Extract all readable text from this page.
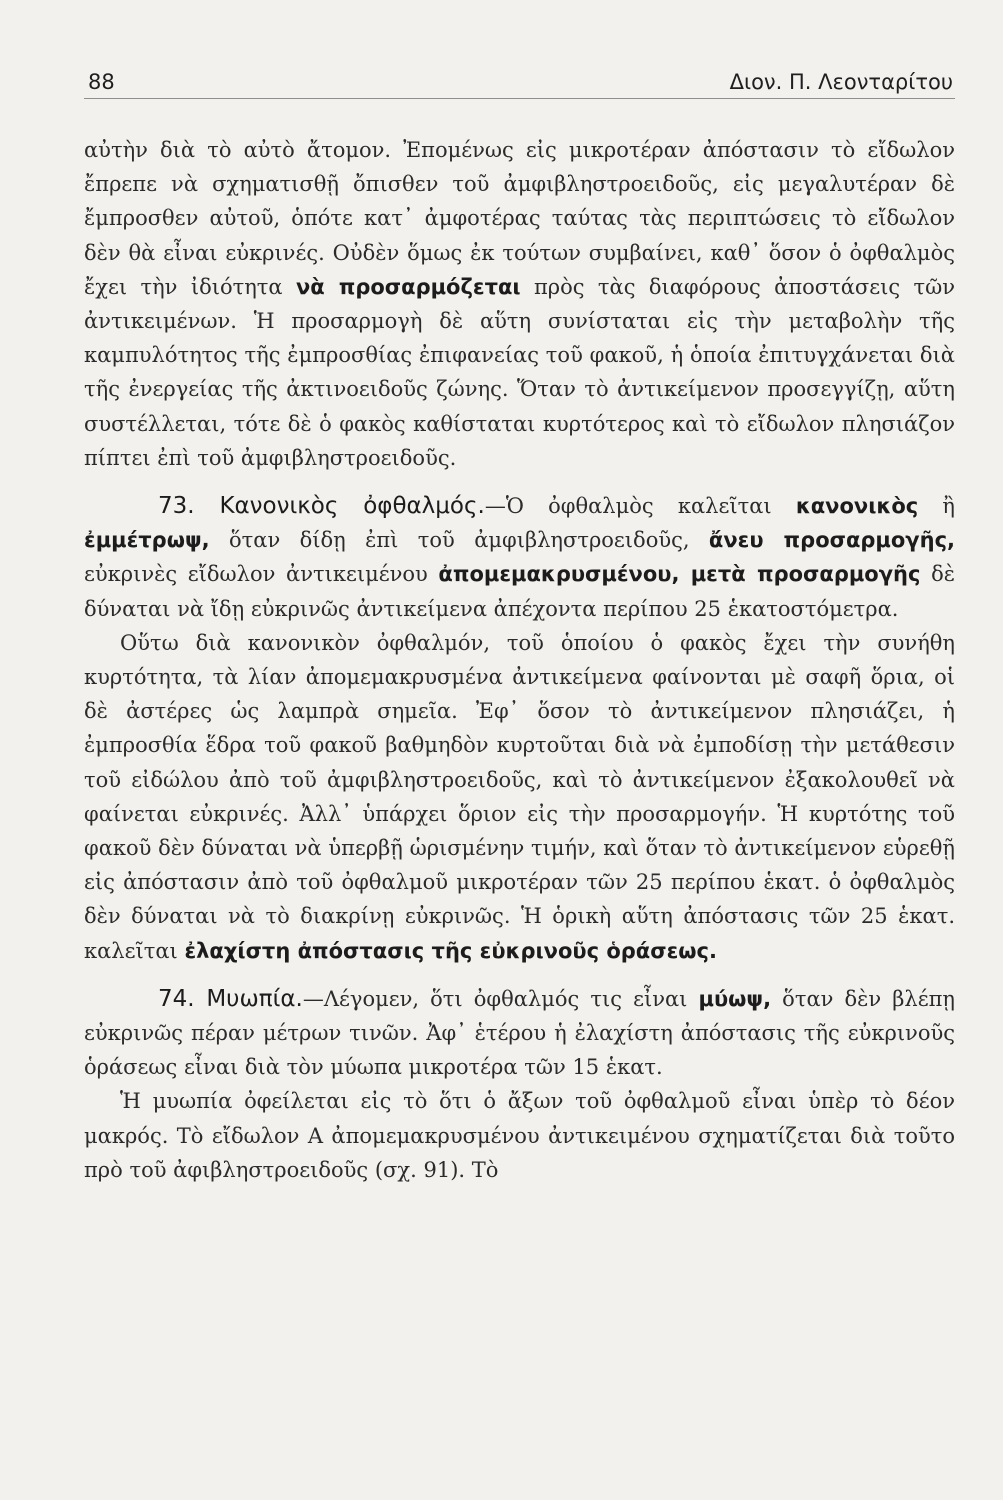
88	Διον. Π. Λεονταρίτου

αὐτὴν διὰ τὸ αὐτὸ ἄτομον. Ἐπομένως εἰς μικροτέραν ἀπόστασιν τὸ εἴδωλον ἔπρεπε νὰ σχηματισθῇ ὄπισθεν τοῦ ἀμφιβληστροειδοῦς, εἰς μεγαλυτέραν δὲ ἔμπροσθεν αὐτοῦ, ὁπότε κατ᾽ ἀμφοτέρας ταύτας τὰς περιπτώσεις τὸ εἴδωλον δὲν θὰ εἶναι εὐκρινές. Οὐδὲν ὅμως ἐκ τούτων συμβαίνει, καθ᾽ ὅσον ὁ ὀφθαλμὸς ἔχει τὴν ἰδιότητα νὰ προσαρμόζεται πρὸς τὰς διαφόρους ἀποστάσεις τῶν ἀντικειμένων. Ἡ προσαρμογὴ δὲ αὕτη συνίσταται εἰς τὴν μεταβολὴν τῆς καμπυλότητος τῆς ἐμπροσθίας ἐπιφανείας τοῦ φακοῦ, ἡ ὁποία ἐπιτυγχάνεται διὰ τῆς ἐνεργείας τῆς ἀκτινοειδοῦς ζώνης. Ὅταν τὸ ἀντικείμενον προσεγγίζῃ, αὕτη συστέλλεται, τότε δὲ ὁ φακὸς καθίσταται κυρτότερος καὶ τὸ εἴδωλον πλησιάζον πίπτει ἐπὶ τοῦ ἀμφιβληστροειδοῦς.

73. Κανονικὸς ὀφθαλμός.—Ὁ ὀφθαλμὸς καλεῖται κανονικὸς ἢ ἐμμέτρωψ, ὅταν δίδῃ ἐπὶ τοῦ ἀμφιβληστροειδοῦς, ἄνευ προσαρμογῆς, εὐκρινὲς εἴδωλον ἀντικειμένου ἀπομεμακρυσμένου, μετὰ προσαρμογῆς δὲ δύναται νὰ ἴδῃ εὐκρινῶς ἀντικείμενα ἀπέχοντα περίπου 25 ἑκατοστόμετρα.

Οὕτω διὰ κανονικὸν ὀφθαλμόν, τοῦ ὁποίου ὁ φακὸς ἔχει τὴν συνήθη κυρτότητα, τὰ λίαν ἀπομεμακρυσμένα ἀντικείμενα φαίνονται μὲ σαφῆ ὅρια, οἱ δὲ ἀστέρες ὡς λαμπρὰ σημεῖα. Ἐφ᾽ ὅσον τὸ ἀντικείμενον πλησιάζει, ἡ ἐμπροσθία ἕδρα τοῦ φακοῦ βαθμηδὸν κυρτοῦται διὰ νὰ ἐμποδίσῃ τὴν μετάθεσιν τοῦ εἰδώλου ἀπὸ τοῦ ἀμφιβληστροειδοῦς, καὶ τὸ ἀντικείμενον ἐξακολουθεῖ νὰ φαίνεται εὐκρινές. Ἀλλ᾽ ὑπάρχει ὅριον εἰς τὴν προσαρμογήν. Ἡ κυρτότης τοῦ φακοῦ δὲν δύναται νὰ ὑπερβῇ ὡρισμένην τιμήν, καὶ ὅταν τὸ ἀντικείμενον εὑρεθῇ εἰς ἀπόστασιν ἀπὸ τοῦ ὀφθαλμοῦ μικροτέραν τῶν 25 περίπου ἑκατ. ὁ ὀφθαλμὸς δὲν δύναται νὰ τὸ διακρίνῃ εὐκρινῶς. Ἡ ὁρικὴ αὕτη ἀπόστασις τῶν 25 ἑκατ. καλεῖται ἐλαχίστη ἀπόστασις τῆς εὐκρινοῦς ὁράσεως.

74. Μυωπία.—Λέγομεν, ὅτι ὀφθαλμός τις εἶναι μύωψ, ὅταν δὲν βλέπῃ εὐκρινῶς πέραν μέτρων τινῶν. Ἀφ᾽ ἑτέρου ἡ ἐλαχίστη ἀπόστασις τῆς εὐκρινοῦς ὁράσεως εἶναι διὰ τὸν μύωπα μικροτέρα τῶν 15 ἑκατ.

Ἡ μυωπία ὀφείλεται εἰς τὸ ὅτι ὁ ἄξων τοῦ ὀφθαλμοῦ εἶναι ὑπὲρ τὸ δέον μακρός. Τὸ εἴδωλον Α ἀπομεμακρυσμένου ἀντικειμένου σχηματίζεται διὰ τοῦτο πρὸ τοῦ ἀφιβληστροειδοῦς (σχ. 91). Τὸ
